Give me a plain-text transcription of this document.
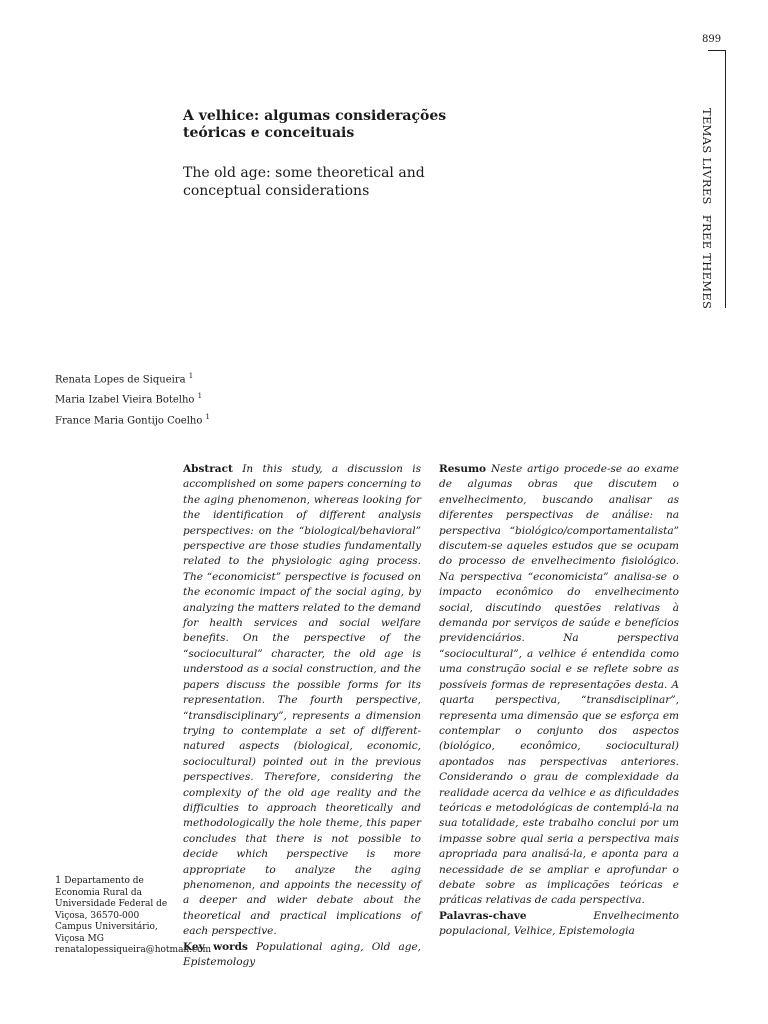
899
TEMAS LIVRESFREE THEMES
A velhice: algumas considerações teóricas e conceituais
The old age: some theoretical and conceptual considerations
Renata Lopes de Siqueira $^1$
Maria Izabel Vieira Botelho $^1$
France Maria Gontijo Coelho $^1$
Abstract In this study, a discussion is accomplished on some papers concerning to the aging phenomenon, whereas looking for the identification of different analysis perspectives: on the “biological/behavioral” perspective are those studies fundamentally related to the physiologic aging process. The “economicist” perspective is focused on the economic impact of the social aging, by analyzing the matters related to the demand for health services and social welfare benefits. On the perspective of the “sociocultural” character, the old age is understood as a social construction, and the papers discuss the possible forms for its representation. The fourth perspective, “transdisciplinary”, represents a dimension trying to contemplate a set of different-natured aspects (biological, economic, sociocultural) pointed out in the previous perspectives. Therefore, considering the complexity of the old age reality and the difficulties to approach theoretically and methodologically the hole theme, this paper concludes that there is not possible to decide which perspective is more appropriate to analyze the aging phenomenon, and appoints the necessity of a deeper and wider debate about the theoretical and practical implications of each perspective.
Key words Populational aging, Old age, Epistemology
Resumo Neste artigo procede-se ao exame de algumas obras que discutem o envelhecimento, buscando analisar as diferentes perspectivas de análise: na perspectiva “biológico/comportamentalista” discutem-se aqueles estudos que se ocupam do processo de envelhecimento fisiológico. Na perspectiva “economicista” analisa-se o impacto econômico do envelhecimento social, discutindo questões relativas à demanda por serviços de saúde e benefícios previdenciários. Na perspectiva “sociocultural”, a velhice é entendida como uma construção social e se reflete sobre as possíveis formas de representações desta. A quarta perspectiva, “transdisciplinar”, representa uma dimensão que se esforça em contemplar o conjunto dos aspectos (biológico, econômico, sociocultural) apontados nas perspectivas anteriores. Considerando o grau de complexidade da realidade acerca da velhice e as dificuldades teóricas e metodológicas de contemplá-la na sua totalidade, este trabalho conclui por um impasse sobre qual seria a perspectiva mais apropriada para analisá-la, e aponta para a necessidade de se ampliar e aprofundar o debate sobre as implicações teóricas e práticas relativas de cada perspectiva.
Palavras-chave	Envelhecimento populacional, Velhice, Epistemologia
1 Departamento de Economia Rural da Universidade Federal de Viçosa, 36570-000 Campus Universitário, Viçosa MG renatalopessiqueira@hotmail.com
